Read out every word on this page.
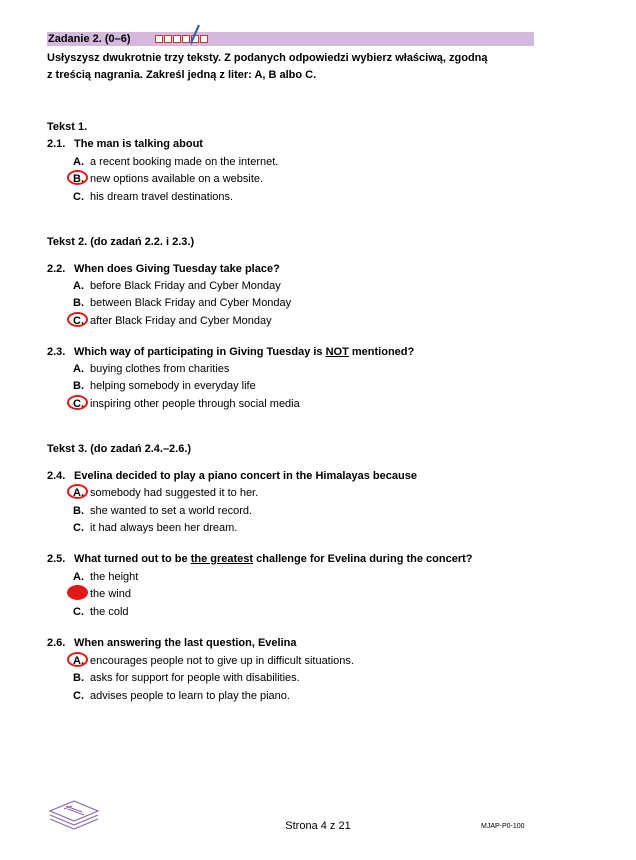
Zadanie 2. (0–6)
Usłyszysz dwukrotnie trzy teksty. Z podanych odpowiedzi wybierz właściwą, zgodną
z treścią nagrania. Zakreśl jedną z liter: A, B albo C.
Tekst 1.
2.1. The man is talking about
A. a recent booking made on the internet.
B. new options available on a website.
C. his dream travel destinations.
Tekst 2. (do zadań 2.2. i 2.3.)
2.2. When does Giving Tuesday take place?
A. before Black Friday and Cyber Monday
B. between Black Friday and Cyber Monday
C. after Black Friday and Cyber Monday
2.3. Which way of participating in Giving Tuesday is NOT mentioned?
A. buying clothes from charities
B. helping somebody in everyday life
C. inspiring other people through social media
Tekst 3. (do zadań 2.4.–2.6.)
2.4. Evelina decided to play a piano concert in the Himalayas because
A. somebody had suggested it to her.
B. she wanted to set a world record.
C. it had always been her dream.
2.5. What turned out to be the greatest challenge for Evelina during the concert?
A. the height
the wind
C. the cold
2.6. When answering the last question, Evelina
A. encourages people not to give up in difficult situations.
B. asks for support for people with disabilities.
C. advises people to learn to play the piano.
Strona 4 z 21	MJAP-P0-100
